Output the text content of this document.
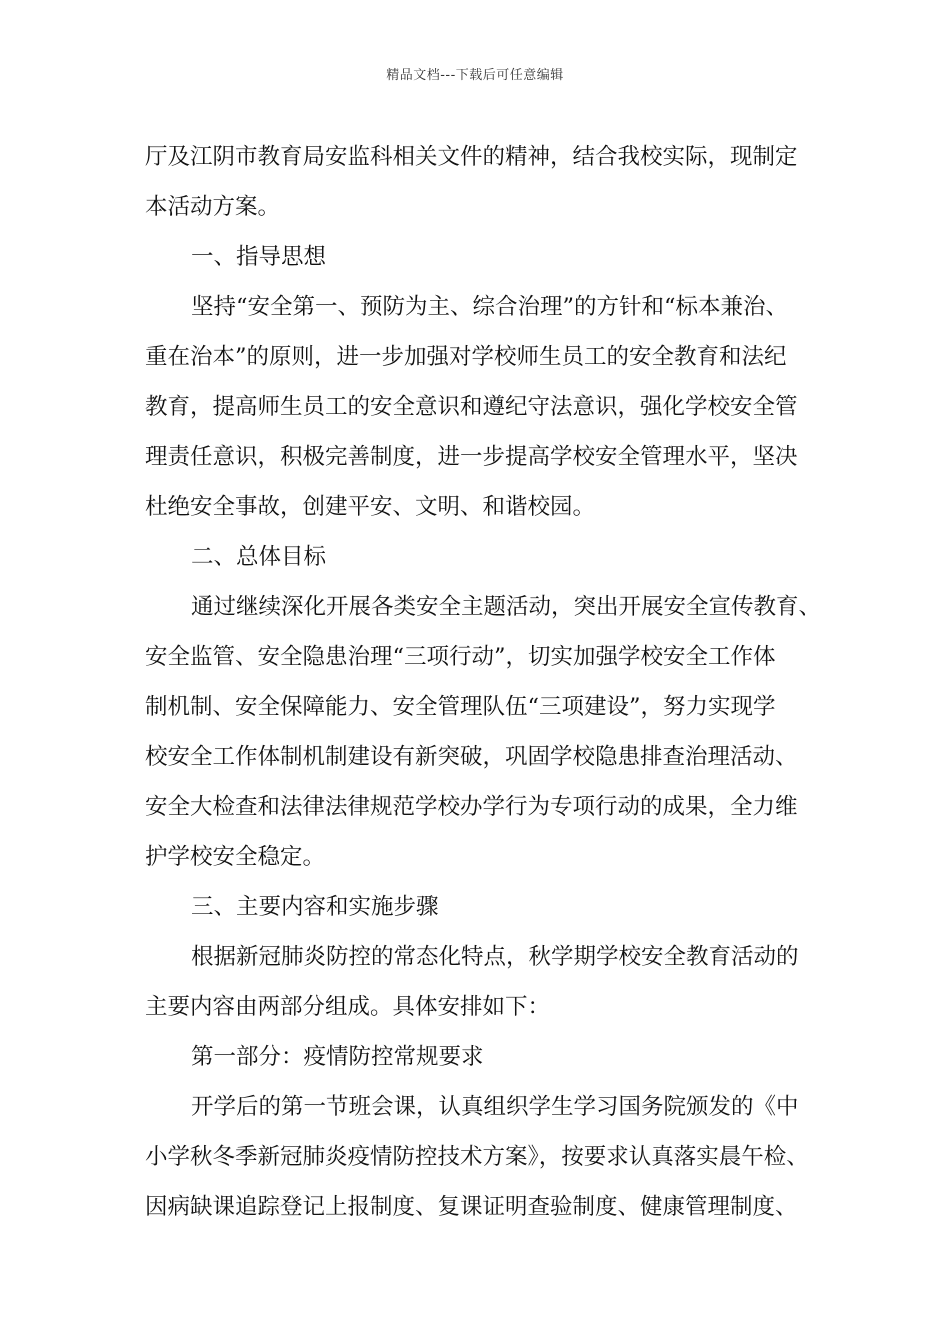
精品文档---下载后可任意编辑
厅及江阴市教育局安监科相关文件的精神，结合我校实际，现制定
本活动方案。
一、指导思想
坚持“安全第一、预防为主、综合治理”的方针和“标本兼治、
重在治本”的原则，进一步加强对学校师生员工的安全教育和法纪
教育，提高师生员工的安全意识和遵纪守法意识，强化学校安全管
理责任意识，积极完善制度，进一步提高学校安全管理水平，坚决
杜绝安全事故，创建平安、文明、和谐校园。
二、总体目标
通过继续深化开展各类安全主题活动，突出开展安全宣传教育、
安全监管、安全隐患治理“三项行动”，切实加强学校安全工作体
制机制、安全保障能力、安全管理队伍“三项建设”，努力实现学
校安全工作体制机制建设有新突破，巩固学校隐患排查治理活动、
安全大检查和法律法律规范学校办学行为专项行动的成果，全力维
护学校安全稳定。
三、主要内容和实施步骤
根据新冠肺炎防控的常态化特点，秋学期学校安全教育活动的
主要内容由两部分组成。具体安排如下：
第一部分：疫情防控常规要求
开学后的第一节班会课，认真组织学生学习国务院颁发的《中
小学秋冬季新冠肺炎疫情防控技术方案》，按要求认真落实晨午检、
因病缺课追踪登记上报制度、复课证明查验制度、健康管理制度、
